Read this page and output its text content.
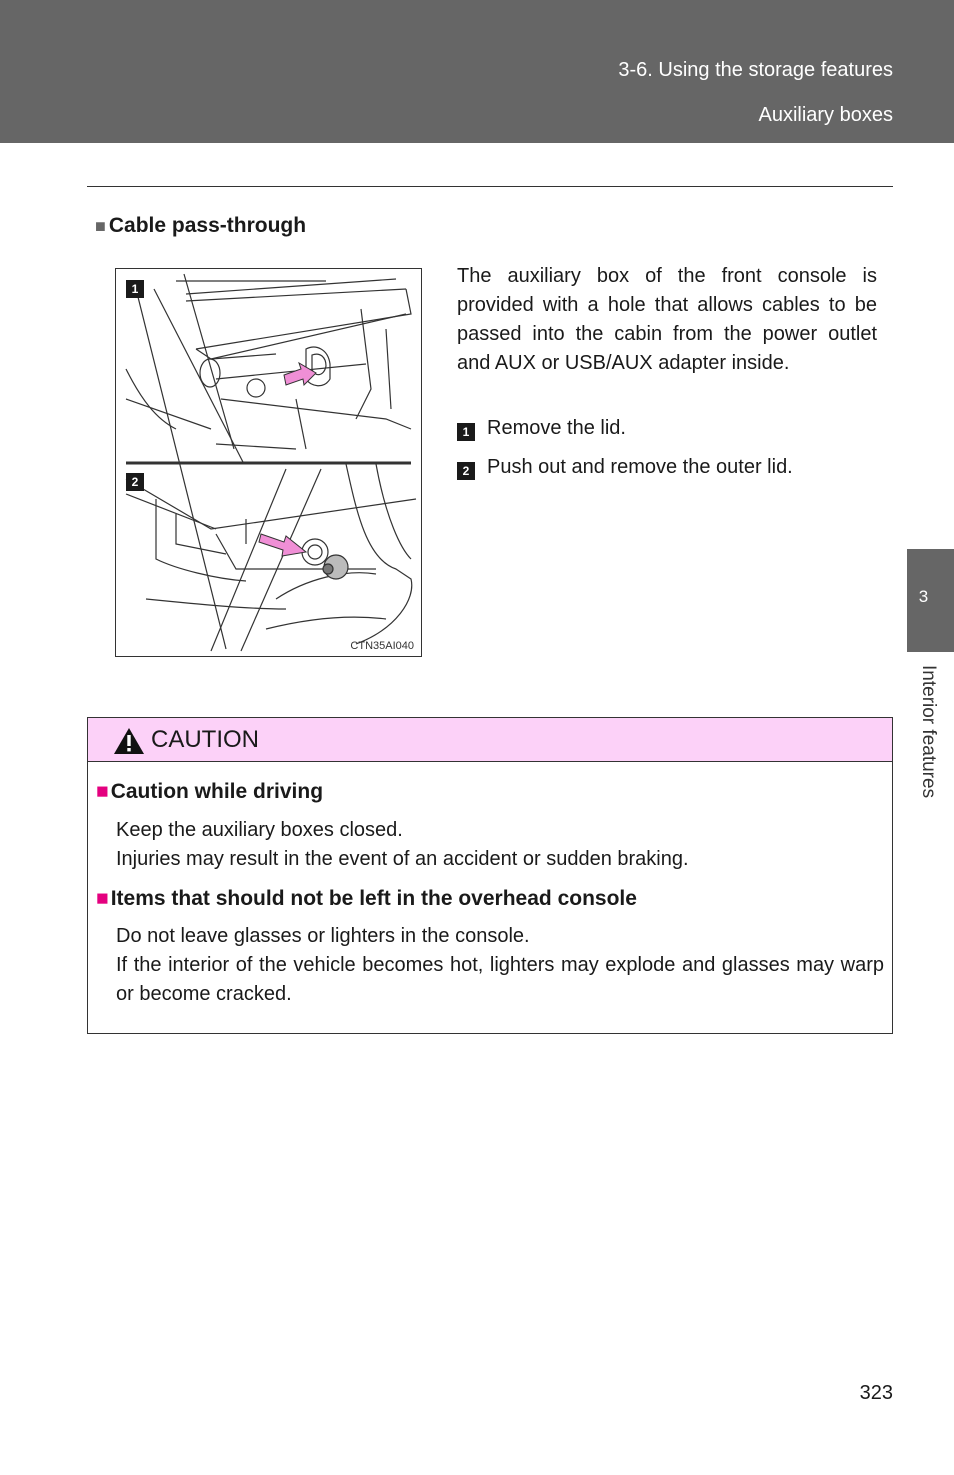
3-6. Using the storage features
Auxiliary boxes
3
Interior features
■ Cable pass-through
1
2
CTN35AI040
The auxiliary box of the front console is provided with a hole that allows cables to be passed into the cabin from the power outlet and AUX or USB/AUX adapter inside.
1 Remove the lid.
2 Push out and remove the outer lid.
CAUTION
■Caution while driving
Keep the auxiliary boxes closed.
Injuries may result in the event of an accident or sudden braking.
■Items that should not be left in the overhead console
Do not leave glasses or lighters in the console.
If the interior of the vehicle becomes hot, lighters may explode and glasses may warp or become cracked.
323
